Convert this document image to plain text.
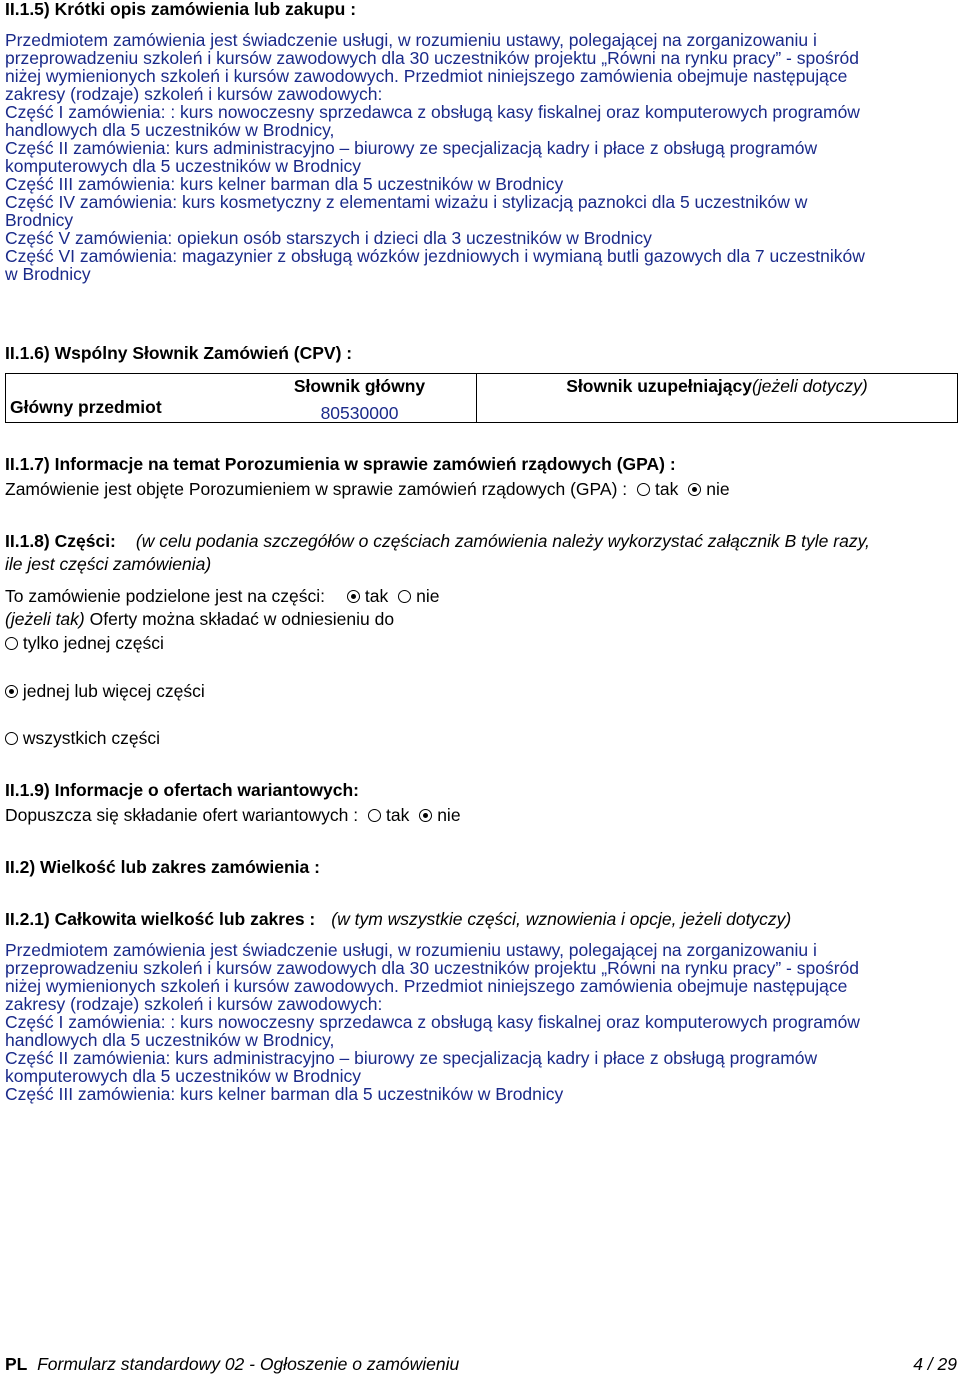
II.1.5) Krótki opis zamówienia lub zakupu :
Przedmiotem zamówienia jest świadczenie usługi, w rozumieniu ustawy, polegającej na zorganizowaniu i
przeprowadzeniu szkoleń i kursów zawodowych dla 30 uczestników projektu „Równi na rynku pracy” - spośród
niżej wymienionych szkoleń i kursów zawodowych. Przedmiot niniejszego zamówienia obejmuje następujące
zakresy (rodzaje) szkoleń i kursów zawodowych:
Część I zamówienia: : kurs nowoczesny sprzedawca z obsługą kasy fiskalnej oraz komputerowych programów
handlowych dla 5 uczestników w Brodnicy,
Część II zamówienia: kurs administracyjno – biurowy ze specjalizacją kadry i płace z obsługą programów
komputerowych dla 5 uczestników w Brodnicy
Część III zamówienia: kurs kelner barman dla 5 uczestników w Brodnicy
Część IV zamówienia: kurs kosmetyczny z elementami wizażu i stylizacją paznokci dla 5 uczestników w
Brodnicy
Część V zamówienia: opiekun osób starszych i dzieci dla 3 uczestników w Brodnicy
Część VI zamówienia: magazynier z obsługą wózków jezdniowych i wymianą butli gazowych dla 7 uczestników
w Brodnicy
II.1.6) Wspólny Słownik Zamówień (CPV) :
	Słownik główny	Słownik uzupełniający(jeżeli dotyczy)
Główny przedmiot	80530000	
II.1.7) Informacje na temat Porozumienia w sprawie zamówień rządowych (GPA) :
Zamówienie jest objęte Porozumieniem w sprawie zamówień rządowych (GPA) : tak nie
II.1.8) Części: (w celu podania szczegółów o częściach zamówienia należy wykorzystać załącznik B tyle razy,
ile jest części zamówienia)
To zamówienie podzielone jest na części: tak nie
(jeżeli tak) Oferty można składać w odniesieniu do
tylko jednej części
jednej lub więcej części
wszystkich części
II.1.9) Informacje o ofertach wariantowych:
Dopuszcza się składanie ofert wariantowych : tak nie
II.2) Wielkość lub zakres zamówienia :
II.2.1) Całkowita wielkość lub zakres : (w tym wszystkie części, wznowienia i opcje, jeżeli dotyczy)
Przedmiotem zamówienia jest świadczenie usługi, w rozumieniu ustawy, polegającej na zorganizowaniu i
przeprowadzeniu szkoleń i kursów zawodowych dla 30 uczestników projektu „Równi na rynku pracy” - spośród
niżej wymienionych szkoleń i kursów zawodowych. Przedmiot niniejszego zamówienia obejmuje następujące
zakresy (rodzaje) szkoleń i kursów zawodowych:
Część I zamówienia: : kurs nowoczesny sprzedawca z obsługą kasy fiskalnej oraz komputerowych programów
handlowych dla 5 uczestników w Brodnicy,
Część II zamówienia: kurs administracyjno – biurowy ze specjalizacją kadry i płace z obsługą programów
komputerowych dla 5 uczestników w Brodnicy
Część III zamówienia: kurs kelner barman dla 5 uczestników w Brodnicy
PL Formularz standardowy 02 - Ogłoszenie o zamówieniu	4 / 29
